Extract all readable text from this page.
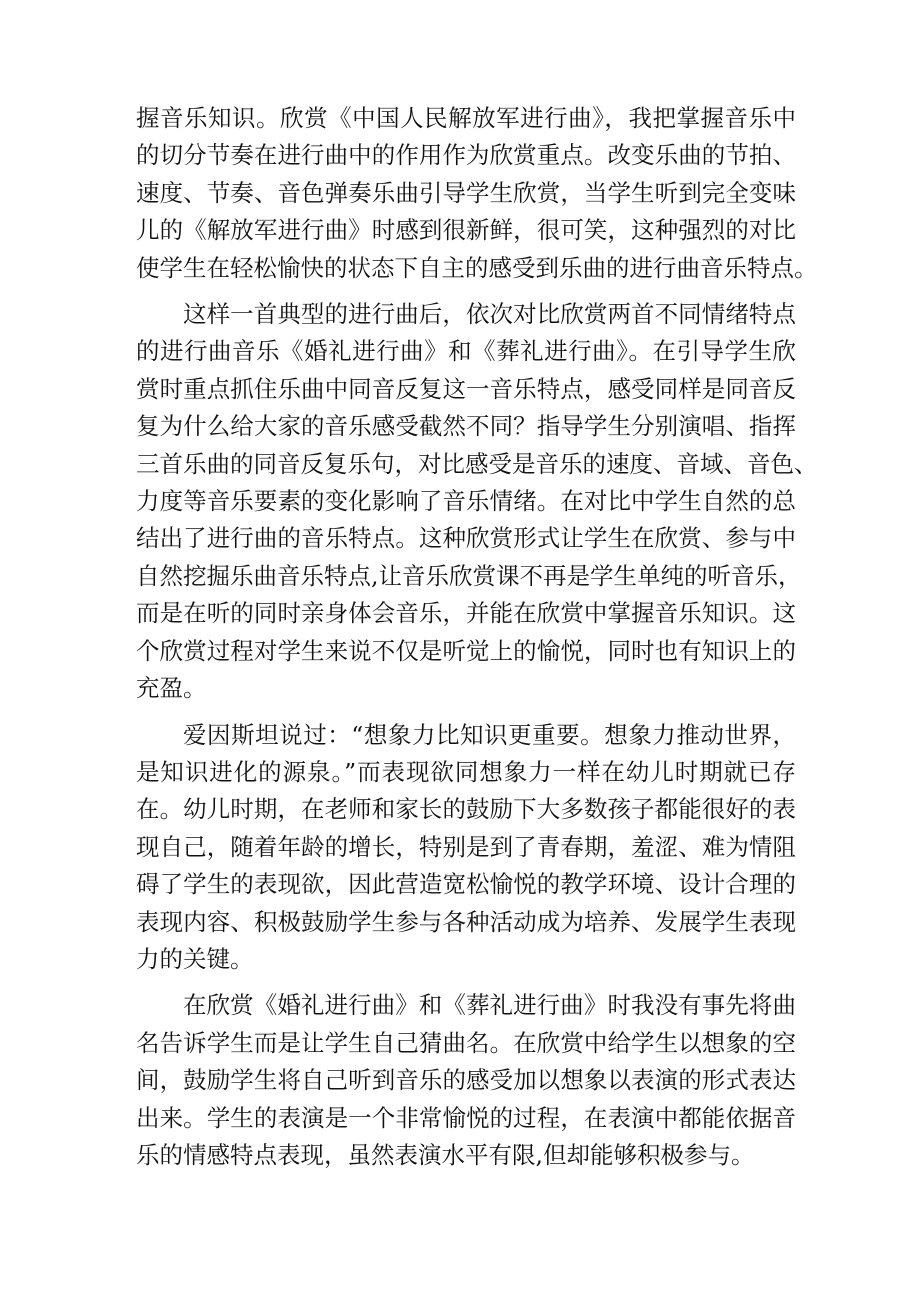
握音乐知识。欣赏《中国人民解放军进行曲》，我把掌握音乐中
的切分节奏在进行曲中的作用作为欣赏重点。改变乐曲的节拍、
速度、节奏、音色弹奏乐曲引导学生欣赏，当学生听到完全变味
儿的《解放军进行曲》时感到很新鲜，很可笑，这种强烈的对比
使学生在轻松愉快的状态下自主的感受到乐曲的进行曲音乐特点。
这样一首典型的进行曲后，依次对比欣赏两首不同情绪特点
的进行曲音乐《婚礼进行曲》和《葬礼进行曲》。在引导学生欣
赏时重点抓住乐曲中同音反复这一音乐特点，感受同样是同音反
复为什么给大家的音乐感受截然不同？指导学生分别演唱、指挥
三首乐曲的同音反复乐句，对比感受是音乐的速度、音域、音色、
力度等音乐要素的变化影响了音乐情绪。在对比中学生自然的总
结出了进行曲的音乐特点。这种欣赏形式让学生在欣赏、参与中
自然挖掘乐曲音乐特点,让音乐欣赏课不再是学生单纯的听音乐，
而是在听的同时亲身体会音乐，并能在欣赏中掌握音乐知识。这
个欣赏过程对学生来说不仅是听觉上的愉悦，同时也有知识上的
充盈。
爱因斯坦说过：“想象力比知识更重要。想象力推动世界，
是知识进化的源泉。”而表现欲同想象力一样在幼儿时期就已存
在。幼儿时期，在老师和家长的鼓励下大多数孩子都能很好的表
现自己，随着年龄的增长，特别是到了青春期，羞涩、难为情阻
碍了学生的表现欲，因此营造宽松愉悦的教学环境、设计合理的
表现内容、积极鼓励学生参与各种活动成为培养、发展学生表现
力的关键。
在欣赏《婚礼进行曲》和《葬礼进行曲》时我没有事先将曲
名告诉学生而是让学生自己猜曲名。在欣赏中给学生以想象的空
间，鼓励学生将自己听到音乐的感受加以想象以表演的形式表达
出来。学生的表演是一个非常愉悦的过程，在表演中都能依据音
乐的情感特点表现，虽然表演水平有限,但却能够积极参与。
